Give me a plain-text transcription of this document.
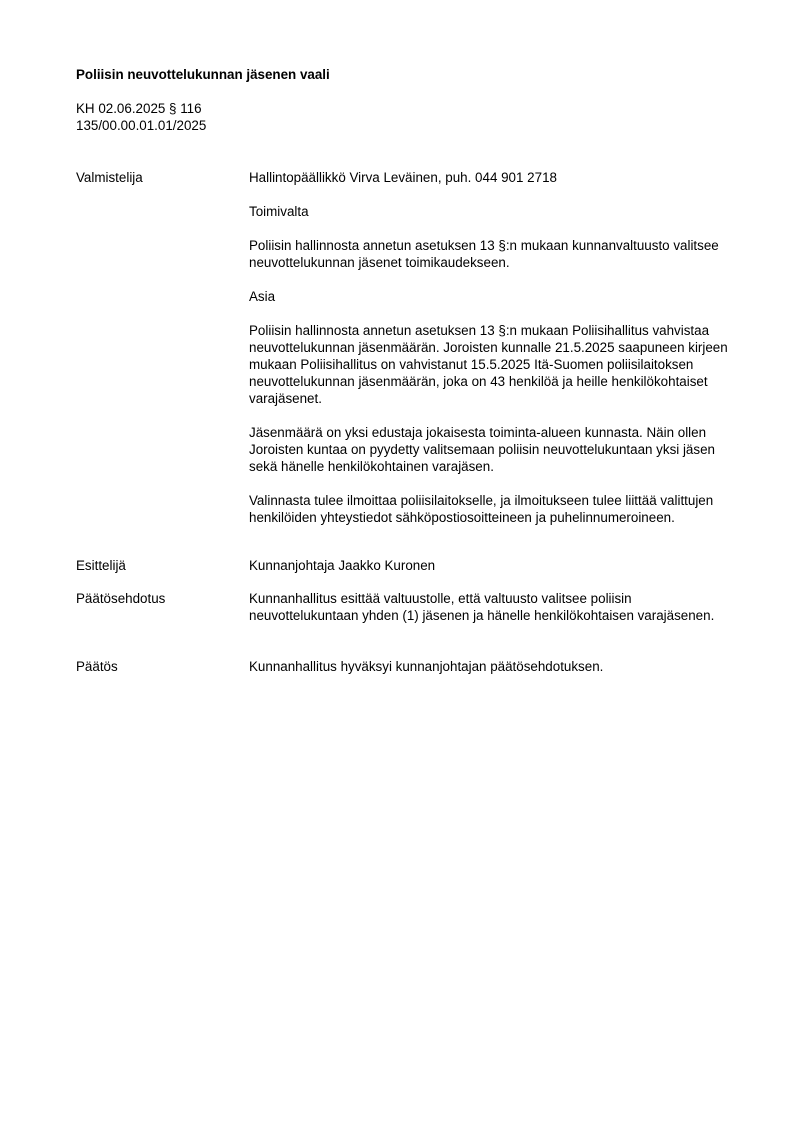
Poliisin neuvottelukunnan jäsenen vaali
KH 02.06.2025 § 116
135/00.00.01.01/2025
Valmistelija	Hallintopäällikkö Virva Leväinen, puh. 044 901 2718

Toimivalta

Poliisin hallinnosta annetun asetuksen 13 §:n mukaan kunnanvaltuusto valitsee neuvottelukunnan jäsenet toimikaudekseen.

Asia

Poliisin hallinnosta annetun asetuksen 13 §:n mukaan Poliisihallitus vahvistaa neuvottelukunnan jäsenmäärän. Joroisten kunnalle 21.5.2025 saapuneen kirjeen mukaan Poliisihallitus on vahvistanut 15.5.2025 Itä-Suomen poliisilaitoksen neuvottelukunnan jäsenmäärän, joka on 43 henkilöä ja heille henkilökohtaiset varajäsenet.

Jäsenmäärä on yksi edustaja jokaisesta toiminta-alueen kunnasta. Näin ollen Joroisten kuntaa on pyydetty valitsemaan poliisin neuvottelukuntaan yksi jäsen sekä hänelle henkilökohtainen varajäsen.

Valinnasta tulee ilmoittaa poliisilaitokselle, ja ilmoitukseen tulee liittää valittujen henkilöiden yhteystiedot sähköpostiosoitteineen ja puhelinnumeroineen.

Esittelijä	Kunnanjohtaja Jaakko Kuronen

Päätösehdotus	Kunnanhallitus esittää valtuustolle, että valtuusto valitsee poliisin neuvottelukuntaan yhden (1) jäsenen ja hänelle henkilökohtaisen varajäsenen.

Päätös	Kunnanhallitus hyväksyi kunnanjohtajan päätösehdotuksen.
